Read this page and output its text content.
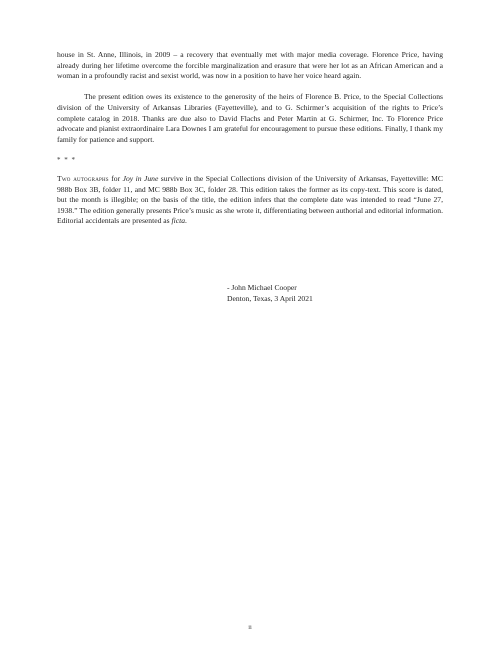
house in St. Anne, Illinois, in 2009 – a recovery that eventually met with major media coverage. Florence Price, having already during her lifetime overcome the forcible marginalization and erasure that were her lot as an African American and a woman in a profoundly racist and sexist world, was now in a position to have her voice heard again.

The present edition owes its existence to the generosity of the heirs of Florence B. Price, to the Special Collections division of the University of Arkansas Libraries (Fayetteville), and to G. Schirmer’s acquisition of the rights to Price’s complete catalog in 2018. Thanks are due also to David Flachs and Peter Martin at G. Schirmer, Inc. To Florence Price advocate and pianist extraordinaire Lara Downes I am grateful for encouragement to pursue these editions. Finally, I thank my family for patience and support.

* * *

Two autographs for Joy in June survive in the Special Collections division of the University of Arkansas, Fayetteville: MC 988b Box 3B, folder 11, and MC 988b Box 3C, folder 28. This edition takes the former as its copy-text. This score is dated, but the month is illegible; on the basis of the title, the edition infers that the complete date was intended to read “June 27, 1938.” The edition generally presents Price’s music as she wrote it, differentiating between authorial and editorial information. Editorial accidentals are presented as ficta.

- John Michael Cooper
Denton, Texas, 3 April 2021
ii
